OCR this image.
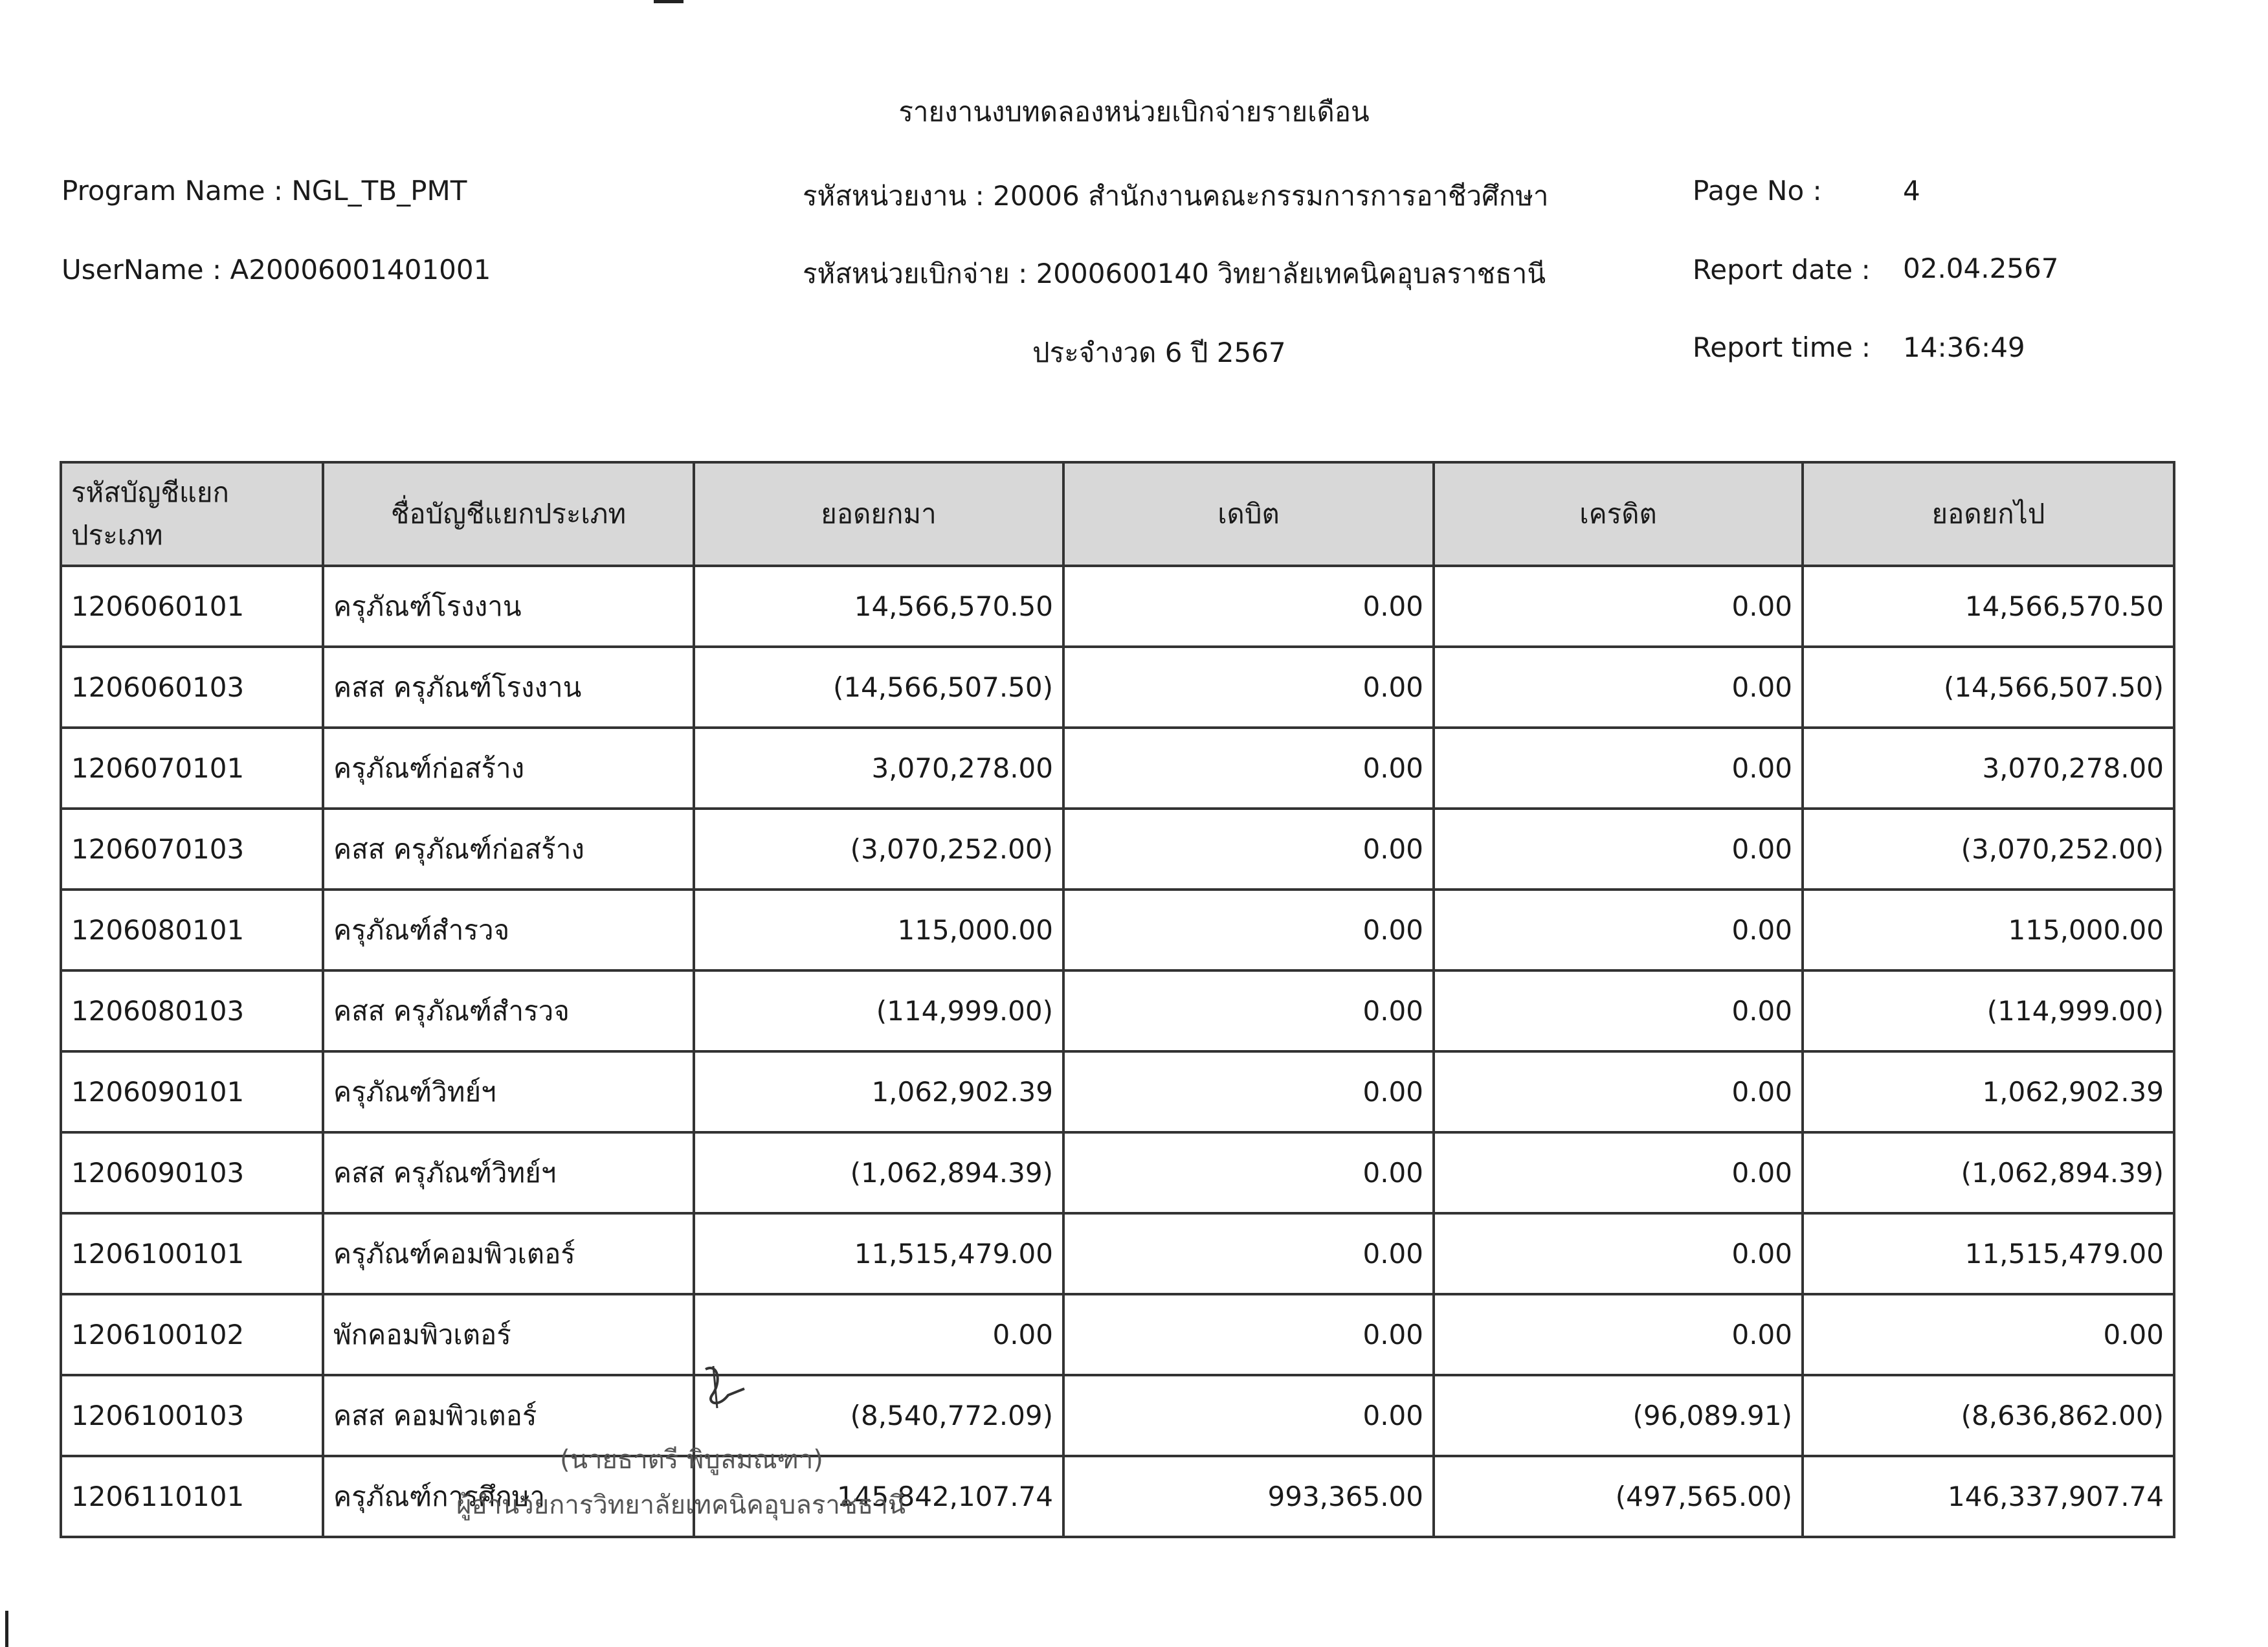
รายงานงบทดลองหน่วยเบิกจ่ายรายเดือน
Program Name : NGL_TB_PMT
UserName : A20006001401001
รหัสหน่วยงาน : 20006 สำนักงานคณะกรรมการการอาชีวศึกษา
รหัสหน่วยเบิกจ่าย : 2000600140 วิทยาลัยเทคนิคอุบลราชธานี
ประจำงวด 6 ปี 2567
Page No :	4
Report date : 02.04.2567
Report time : 14:36:49
รหัสบัญชีแยกประเภท	ชื่อบัญชีแยกประเภท	ยอดยกมา	เดบิต	เครดิต	ยอดยกไป
1206060101	ครุภัณฑ์โรงงาน	14,566,570.50	0.00	0.00	14,566,570.50
1206060103	คสส ครุภัณฑ์โรงงาน	(14,566,507.50)	0.00	0.00	(14,566,507.50)
1206070101	ครุภัณฑ์ก่อสร้าง	3,070,278.00	0.00	0.00	3,070,278.00
1206070103	คสส ครุภัณฑ์ก่อสร้าง	(3,070,252.00)	0.00	0.00	(3,070,252.00)
1206080101	ครุภัณฑ์สำรวจ	115,000.00	0.00	0.00	115,000.00
1206080103	คสส ครุภัณฑ์สำรวจ	(114,999.00)	0.00	0.00	(114,999.00)
1206090101	ครุภัณฑ์วิทย์ฯ	1,062,902.39	0.00	0.00	1,062,902.39
1206090103	คสส ครุภัณฑ์วิทย์ฯ	(1,062,894.39)	0.00	0.00	(1,062,894.39)
1206100101	ครุภัณฑ์คอมพิวเตอร์	11,515,479.00	0.00	0.00	11,515,479.00
1206100102	พักคอมพิวเตอร์	0.00	0.00	0.00	0.00
1206100103	คสส คอมพิวเตอร์	(8,540,772.09)	0.00	(96,089.91)	(8,636,862.00)
1206110101	ครุภัณฑ์การศึกษา	145,842,107.74	993,365.00	(497,565.00)	146,337,907.74
(นายธาตรี พิบูลมณฑา)
ผู้อำนวยการวิทยาลัยเทคนิคอุบลราชธานี
